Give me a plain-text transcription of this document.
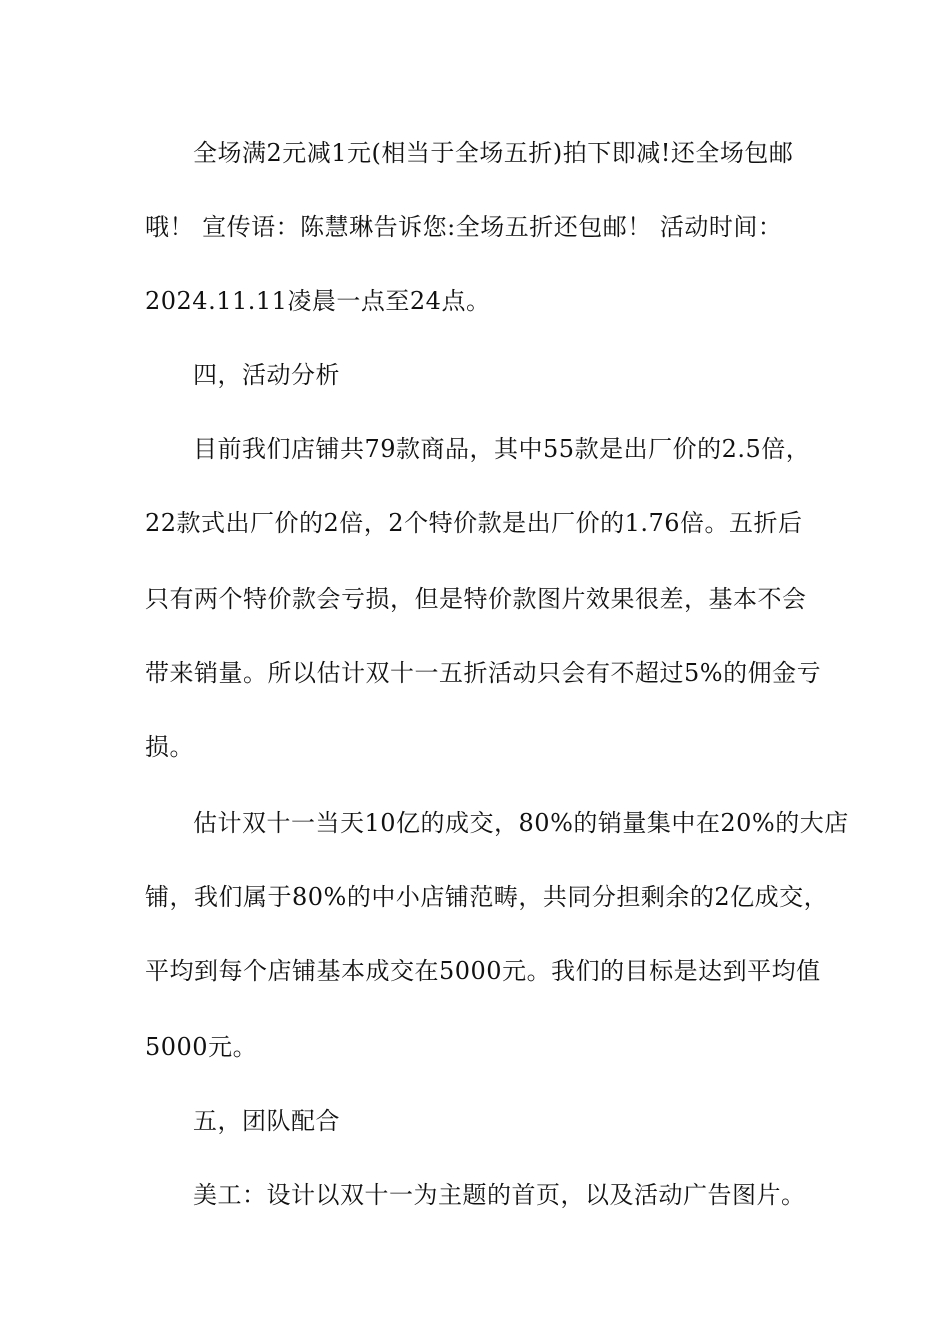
全场满2元减1元(相当于全场五折)拍下即减!还全场包邮
哦！ 宣传语：陈慧琳告诉您:全场五折还包邮！ 活动时间：
2024.11.11凌晨一点至24点。
四，活动分析
目前我们店铺共79款商品，其中55款是出厂价的2.5倍，
22款式出厂价的2倍，2个特价款是出厂价的1.76倍。五折后
只有两个特价款会亏损，但是特价款图片效果很差，基本不会
带来销量。所以估计双十一五折活动只会有不超过5%的佣金亏
损。
估计双十一当天10亿的成交，80%的销量集中在20%的大店
铺，我们属于80%的中小店铺范畴，共同分担剩余的2亿成交，
平均到每个店铺基本成交在5000元。我们的目标是达到平均值
5000元。
五，团队配合
美工：设计以双十一为主题的首页，以及活动广告图片。
